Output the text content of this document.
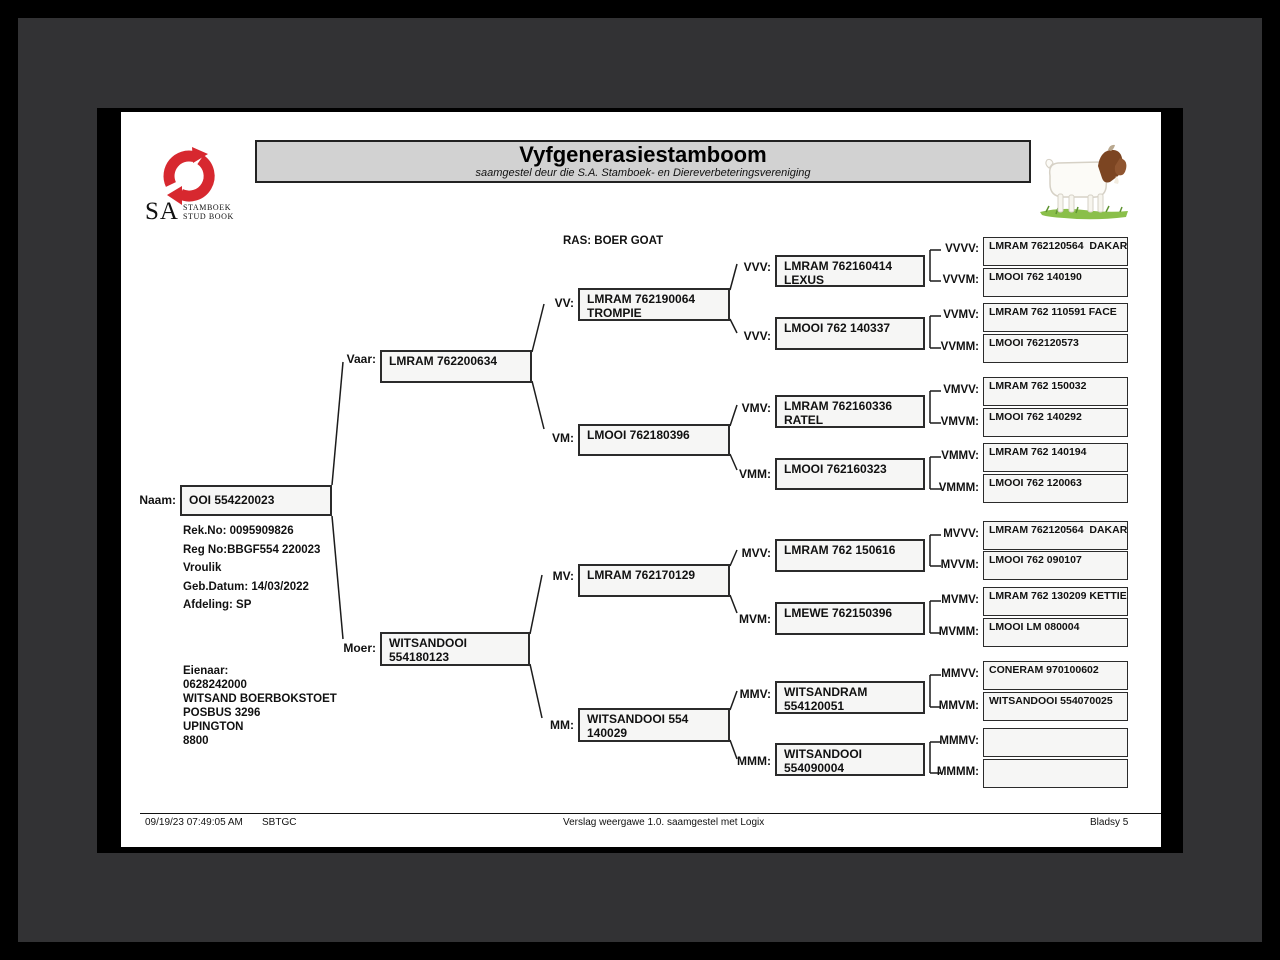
SA STAMBOEK
STUD BOOK
Vyfgenerasiestamboom
saamgestel deur die S.A. Stamboek- en Diereverbeteringsvereniging
RAS: BOER GOAT
Rek.No: 0095909826
Reg No:BBGF554 220023
Vroulik
Geb.Datum: 14/03/2022
Afdeling: SP
Eienaar:
0628242000
WITSAND BOERBOKSTOET
POSBUS 3296
UPINGTON
8800
Naam: OOI 554220023
Vaar: LMRAM 762200634
Moer: WITSANDOOI
554180123
VV: LMRAM 762190064
TROMPIE
VM: LMOOI 762180396
MV: LMRAM 762170129
MM: WITSANDOOI 554
140029
VVV: LMRAM 762160414
LEXUS
VVV:
LMOOI 762 140337
VMV: LMRAM 762160336
RATEL
VMM: LMOOI 762160323
MVV: LMRAM 762 150616
MVM: LMEWE 762150396
MMV: WITSANDRAM
554120051
MMM: WITSANDOOI
554090004
VVVV: LMRAM 762120564  DAKAR
VVVM: LMOOI 762 140190
VVMV: LMRAM 762 110591 FACE
VVMM: LMOOI 762120573
VMVV: LMRAM 762 150032
VMVM: LMOOI 762 140292
VMMV: LMRAM 762 140194
VMMM: LMOOI 762 120063
MVVV: LMRAM 762120564  DAKAR
MVVM: LMOOI 762 090107
MVMV: LMRAM 762 130209 KETTIE
MVMM: LMOOI LM 080004
MMVV: CONERAM 970100602
MMVM: WITSANDOOI 554070025
MMMV:
MMMM:
09/19/23 07:49:05 AM SBTGC	Verslag weergawe 1.0. saamgestel met Logix	Bladsy 5
